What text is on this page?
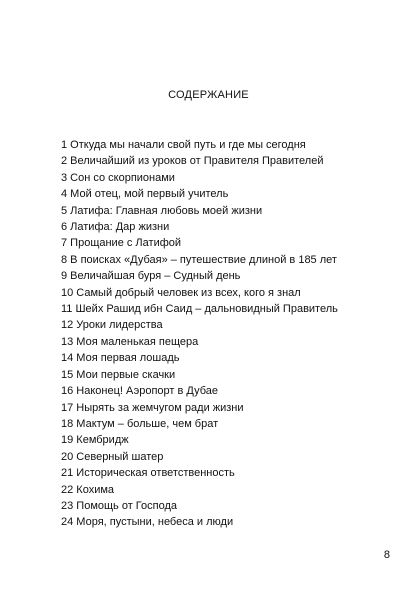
СОДЕРЖАНИЕ
1 Откуда мы начали свой путь и где мы сегодня
2 Величайший из уроков от Правителя Правителей
3 Сон со скорпионами
4 Мой отец, мой первый учитель
5 Латифа: Главная любовь моей жизни
6 Латифа: Дар жизни
7 Прощание с Латифой
8 В поисках «Дубая» – путешествие длиной в 185 лет
9 Величайшая буря – Судный день
10 Самый добрый человек из всех, кого я знал
11 Шейх Рашид ибн Саид – дальновидный Правитель
12 Уроки лидерства
13 Моя маленькая пещера
14 Моя первая лошадь
15 Мои первые скачки
16 Наконец! Аэропорт в Дубае
17 Нырять за жемчугом ради жизни
18 Мактум – больше, чем брат
19 Кембридж
20 Северный шатер
21 Историческая ответственность
22 Кохима
23 Помощь от Господа
24 Моря, пустыни, небеса и люди
8
